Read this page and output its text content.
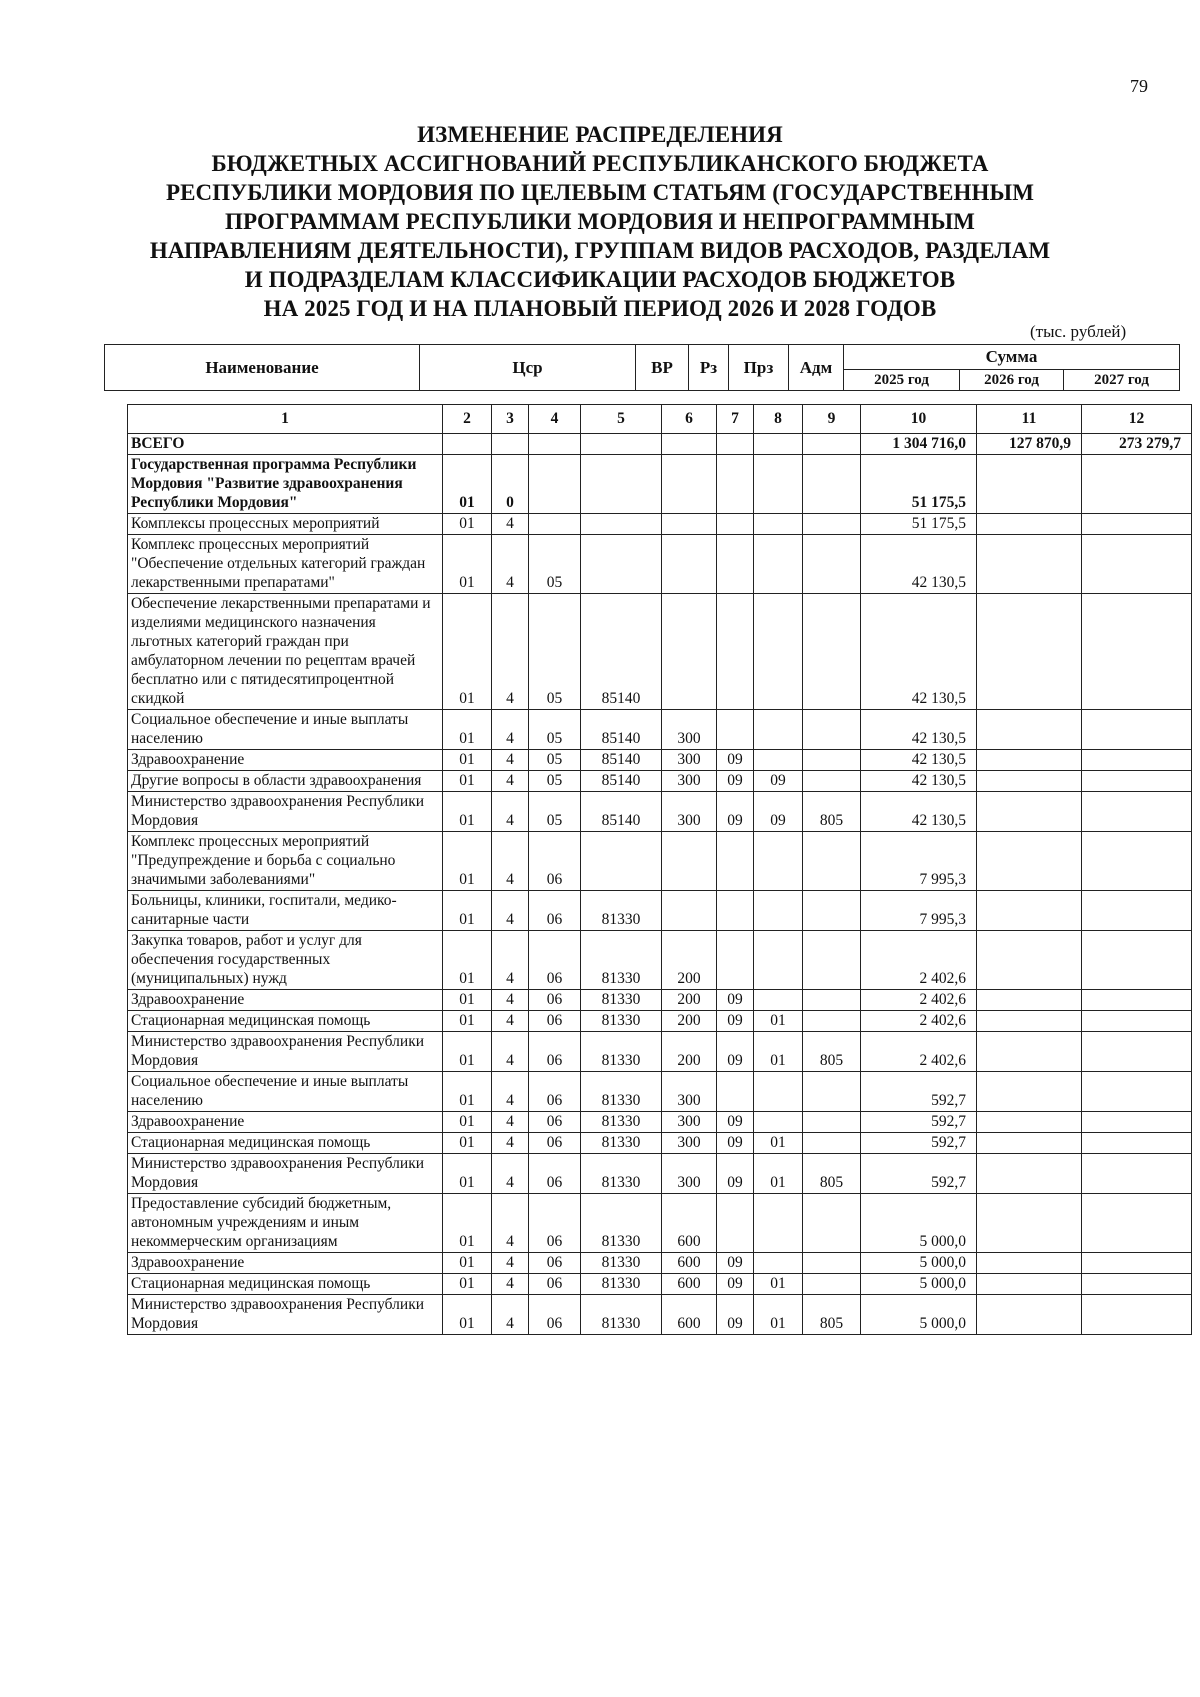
79
ИЗМЕНЕНИЕ РАСПРЕДЕЛЕНИЯ
БЮДЖЕТНЫХ АССИГНОВАНИЙ РЕСПУБЛИКАНСКОГО БЮДЖЕТА
РЕСПУБЛИКИ МОРДОВИЯ ПО ЦЕЛЕВЫМ СТАТЬЯМ (ГОСУДАРСТВЕННЫМ
ПРОГРАММАМ РЕСПУБЛИКИ МОРДОВИЯ И НЕПРОГРАММНЫМ
НАПРАВЛЕНИЯМ ДЕЯТЕЛЬНОСТИ), ГРУППАМ ВИДОВ РАСХОДОВ, РАЗДЕЛАМ
И ПОДРАЗДЕЛАМ КЛАССИФИКАЦИИ РАСХОДОВ БЮДЖЕТОВ
НА 2025 ГОД И НА ПЛАНОВЫЙ ПЕРИОД 2026 И 2028 ГОДОВ
(тыс. рублей)
Наименование	Цср	ВР	Рз	Прз	Адм	Сумма		
						2025 год	2026 год	2027 год
1	2	3	4	5	6	7	8	9	10	11	12
ВСЕГО									1 304 716,0	127 870,9	273 279,7
Государственная программа Республики Мордовия "Развитие здравоохранения Республики Мордовия"	01	0							51 175,5		
Комплексы процессных мероприятий	01	4							51 175,5		
Комплекс процессных мероприятий "Обеспечение отдельных категорий граждан лекарственными препаратами"	01	4	05						42 130,5		
Обеспечение лекарственными препаратами и изделиями медицинского назначения льготных категорий граждан при амбулаторном лечении по рецептам врачей бесплатно или с пятидесятипроцентной скидкой	01	4	05	85140					42 130,5		
Социальное обеспечение и иные выплаты населению	01	4	05	85140	300				42 130,5		
Здравоохранение	01	4	05	85140	300	09			42 130,5		
Другие вопросы в области здравоохранения	01	4	05	85140	300	09	09		42 130,5		
Министерство здравоохранения Республики Мордовия	01	4	05	85140	300	09	09	805	42 130,5		
Комплекс процессных мероприятий "Предупреждение и борьба с социально значимыми заболеваниями"	01	4	06						7 995,3		
Больницы, клиники, госпитали, медико-санитарные части	01	4	06	81330					7 995,3		
Закупка товаров, работ и услуг для обеспечения государственных (муниципальных) нужд	01	4	06	81330	200				2 402,6		
Здравоохранение	01	4	06	81330	200	09			2 402,6		
Стационарная медицинская помощь	01	4	06	81330	200	09	01		2 402,6		
Министерство здравоохранения Республики Мордовия	01	4	06	81330	200	09	01	805	2 402,6		
Социальное обеспечение и иные выплаты населению	01	4	06	81330	300				592,7		
Здравоохранение	01	4	06	81330	300	09			592,7		
Стационарная медицинская помощь	01	4	06	81330	300	09	01		592,7		
Министерство здравоохранения Республики Мордовия	01	4	06	81330	300	09	01	805	592,7		
Предоставление субсидий бюджетным, автономным учреждениям и иным некоммерческим организациям	01	4	06	81330	600				5 000,0		
Здравоохранение	01	4	06	81330	600	09			5 000,0		
Стационарная медицинская помощь	01	4	06	81330	600	09	01		5 000,0		
Министерство здравоохранения Республики Мордовия	01	4	06	81330	600	09	01	805	5 000,0		
